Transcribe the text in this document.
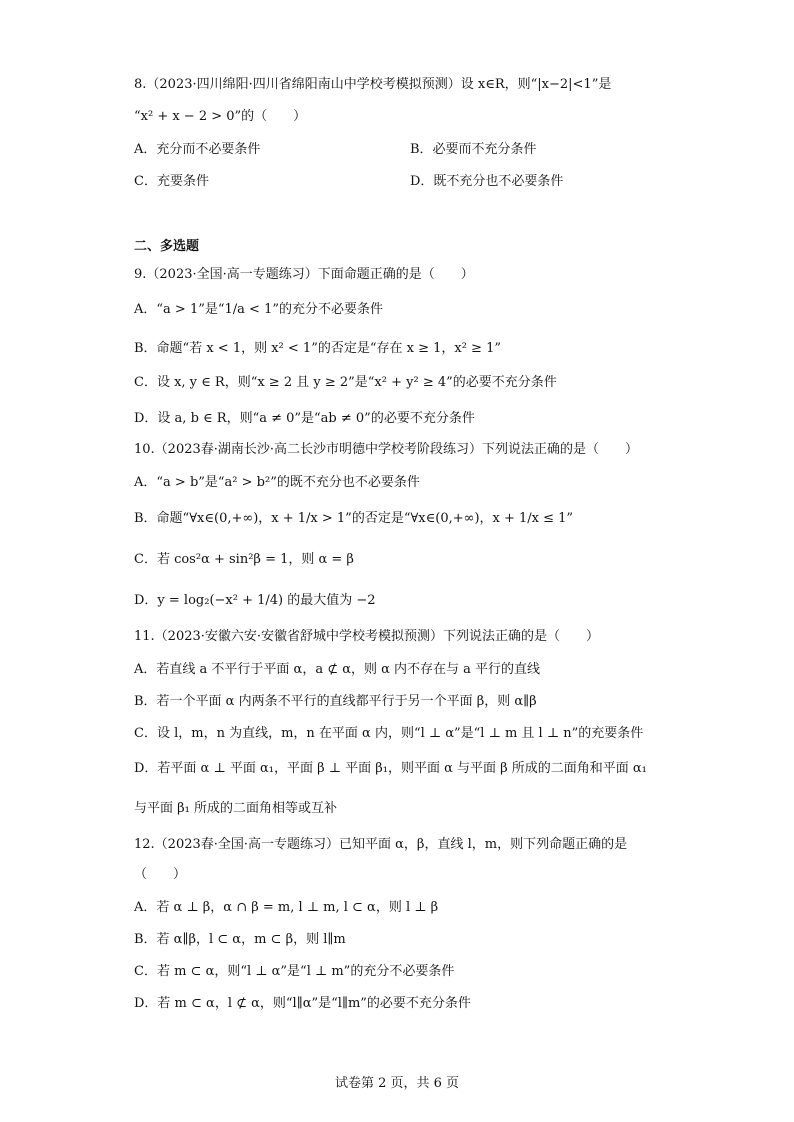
8.（2023·四川绵阳·四川省绵阳南山中学校考模拟预测）设 x∈R，则“|x−2|<1”是
“x² + x − 2 > 0”的（　　）
A．充分而不必要条件	B．必要而不充分条件
C．充要条件	D．既不充分也不必要条件
二、多选题
9.（2023·全国·高一专题练习）下面命题正确的是（　　）
A．“a > 1”是“1/a < 1”的充分不必要条件
B．命题“若 x < 1，则 x² < 1”的否定是“存在 x ≥ 1，x² ≥ 1”
C．设 x, y ∈ R，则“x ≥ 2 且 y ≥ 2”是“x² + y² ≥ 4”的必要不充分条件
D．设 a, b ∈ R，则“a ≠ 0”是“ab ≠ 0”的必要不充分条件
10.（2023春·湖南长沙·高二长沙市明德中学校考阶段练习）下列说法正确的是（　　）
A．“a > b”是“a² > b²”的既不充分也不必要条件
B．命题“∀x∈(0,+∞)，x + 1/x > 1”的否定是“∀x∈(0,+∞)，x + 1/x ≤ 1”
C．若 cos²α + sin²β = 1，则 α = β
D．y = log₂(−x² + 1/4) 的最大值为 −2
11.（2023·安徽六安·安徽省舒城中学校考模拟预测）下列说法正确的是（　　）
A．若直线 a 不平行于平面 α，a ⊄ α，则 α 内不存在与 a 平行的直线
B．若一个平面 α 内两条不平行的直线都平行于另一个平面 β，则 α∥β
C．设 l，m，n 为直线，m，n 在平面 α 内，则“l ⊥ α”是“l ⊥ m 且 l ⊥ n”的充要条件
D．若平面 α ⊥ 平面 α₁，平面 β ⊥ 平面 β₁，则平面 α 与平面 β 所成的二面角和平面 α₁
与平面 β₁ 所成的二面角相等或互补
12.（2023春·全国·高一专题练习）已知平面 α，β，直线 l，m，则下列命题正确的是
（　　）
A．若 α ⊥ β，α ∩ β = m, l ⊥ m, l ⊂ α，则 l ⊥ β
B．若 α∥β，l ⊂ α，m ⊂ β，则 l∥m
C．若 m ⊂ α，则“l ⊥ α”是“l ⊥ m”的充分不必要条件
D．若 m ⊂ α，l ⊄ α，则“l∥α”是“l∥m”的必要不充分条件
试卷第 2 页，共 6 页
